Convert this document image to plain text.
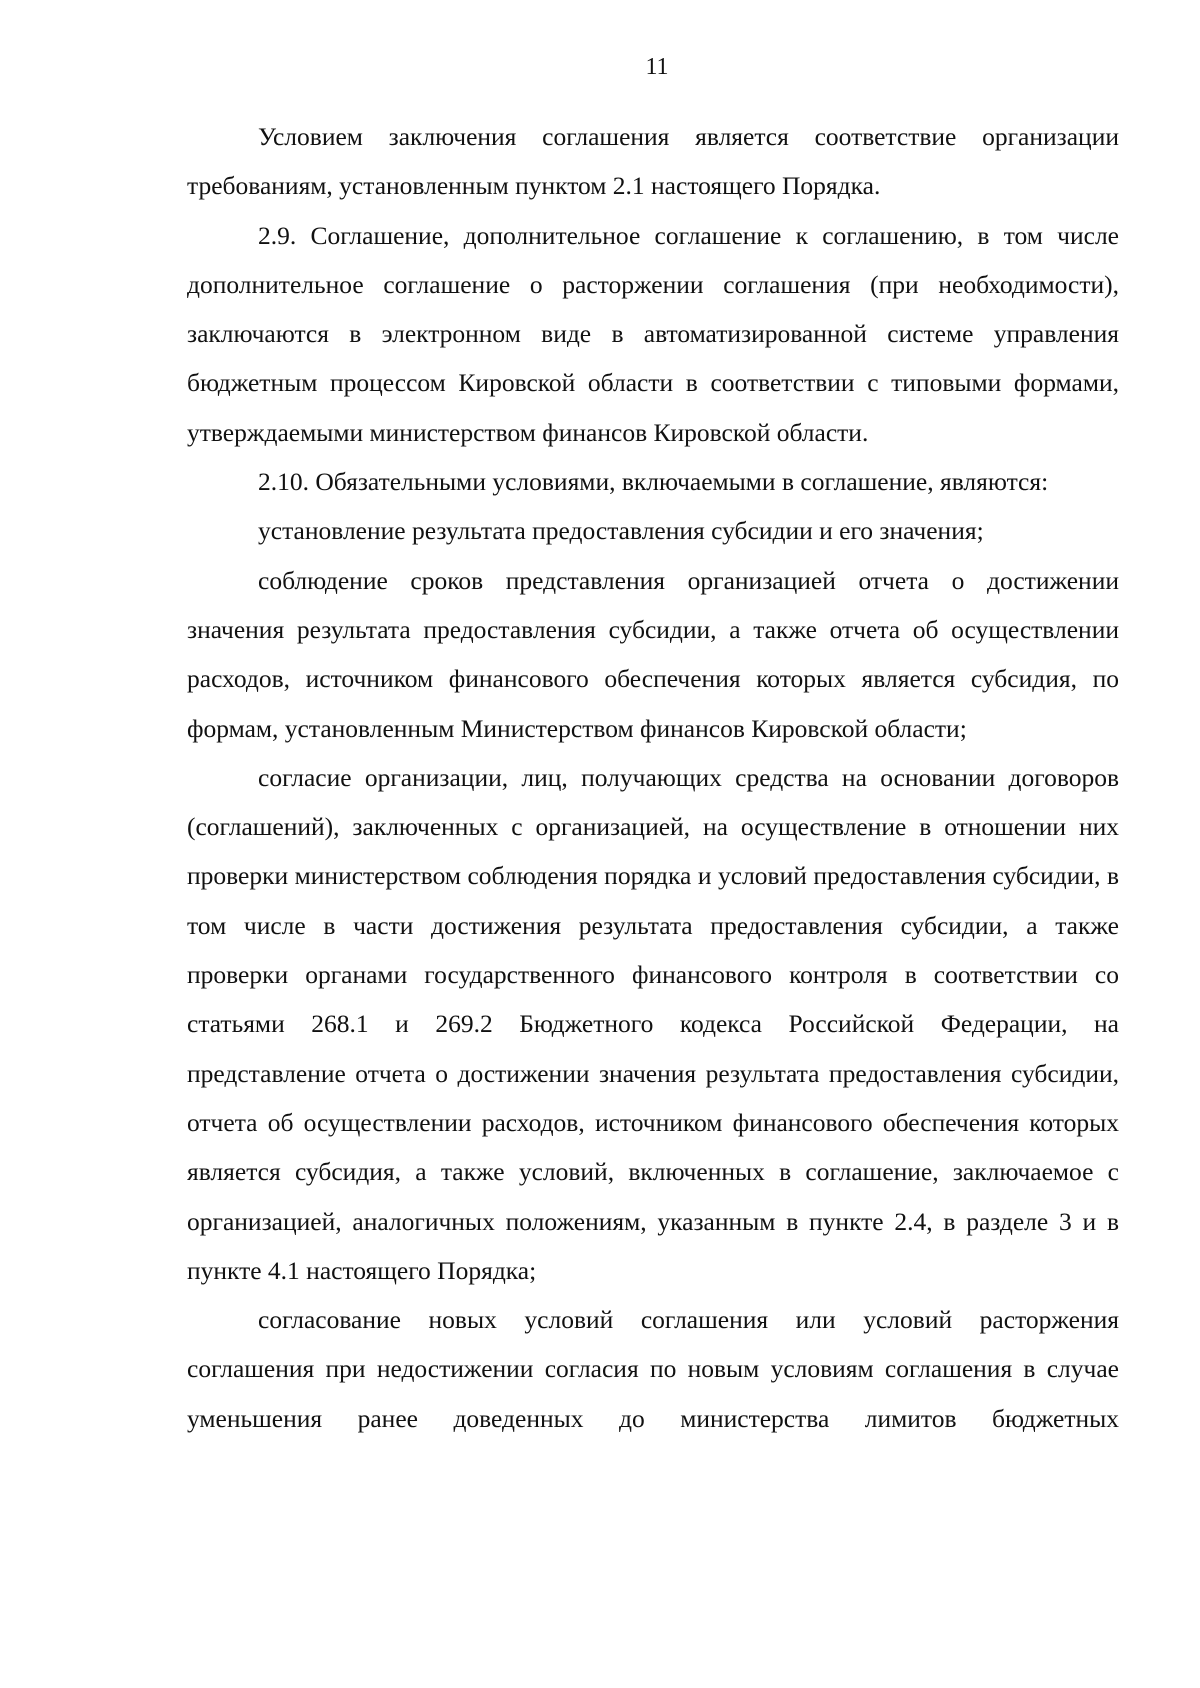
11

Условием заключения соглашения является соответствие организации требованиям, установленным пунктом 2.1 настоящего Порядка.

2.9. Соглашение, дополнительное соглашение к соглашению, в том числе дополнительное соглашение о расторжении соглашения (при необходимости), заключаются в электронном виде в автоматизированной системе управления бюджетным процессом Кировской области в соответствии с типовыми формами, утверждаемыми министерством финансов Кировской области.

2.10. Обязательными условиями, включаемыми в соглашение, являются:

установление результата предоставления субсидии и его значения;

соблюдение сроков представления организацией отчета о достижении значения результата предоставления субсидии, а также отчета об осуществлении расходов, источником финансового обеспечения которых является субсидия, по формам, установленным Министерством финансов Кировской области;

согласие организации, лиц, получающих средства на основании договоров (соглашений), заключенных с организацией, на осуществление в отношении них проверки министерством соблюдения порядка и условий предоставления субсидии, в том числе в части достижения результата предоставления субсидии, а также проверки органами государственного финансового контроля в соответствии со статьями 268.1 и 269.2 Бюджетного кодекса Российской Федерации, на представление отчета о достижении значения результата предоставления субсидии, отчета об осуществлении расходов, источником финансового обеспечения которых является субсидия, а также условий, включенных в соглашение, заключаемое с организацией, аналогичных положениям, указанным в пункте 2.4, в разделе 3 и в пункте 4.1 настоящего Порядка;

согласование новых условий соглашения или условий расторжения соглашения при недостижении согласия по новым условиям соглашения в случае уменьшения ранее доведенных до министерства лимитов бюджетных
